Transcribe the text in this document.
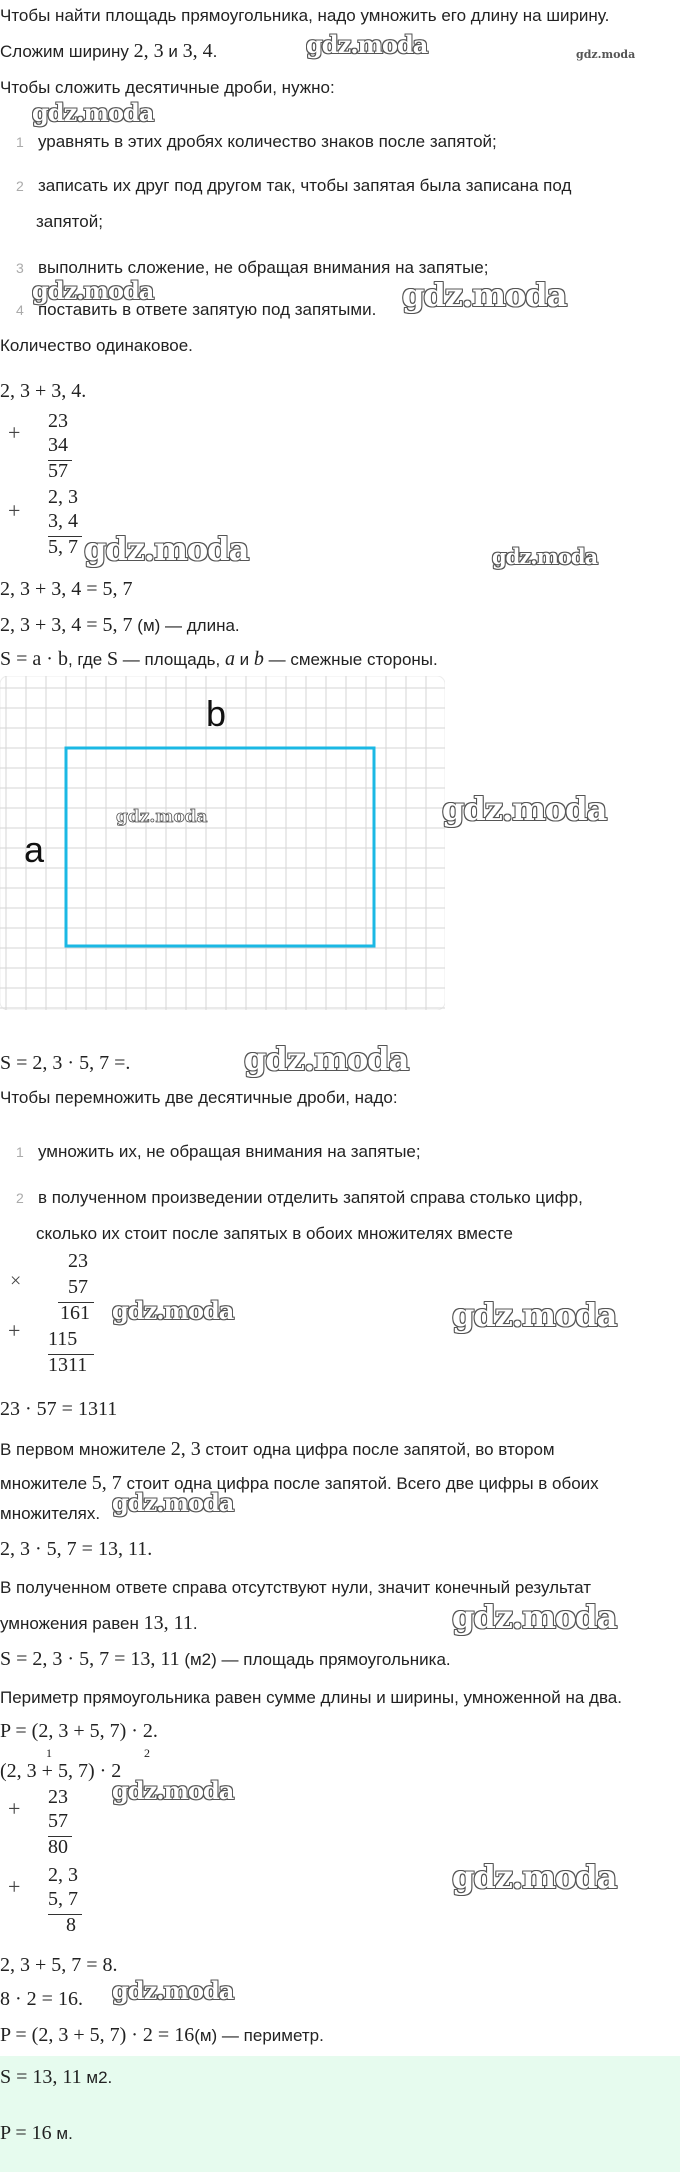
Чтобы найти площадь прямоугольника, надо умножить его длину на ширину.
Сложим ширину 2, 3 и 3, 4.	gdz.moda	gdz.moda
Чтобы сложить десятичные дроби, нужно:
gdz.moda
1 уравнять в этих дробях количество знаков после запятой;
2 записать их друг под другом так, чтобы запятая была записана под
запятой;
3 выполнить сложение, не обращая внимания на запятые;
gdz.moda
4 поставить в ответе запятую под запятыми. gdz.moda
Количество одинаковое.
2, 3 + 3, 4.
+ 23
34
57
+
2, 3
3, 4
5, 7 gdz.moda	gdz.moda
2, 3 + 3, 4 = 5, 7
2, 3 + 3, 4 = 5, 7 (м) — длина.
S = a · b, где S — площадь, a и b — смежные стороны.
b
a
gdz.moda	gdz.moda
S = 2, 3 · 5, 7 =.	gdz.moda
Чтобы перемножить две десятичные дроби, надо:
1 умножить их, не обращая внимания на запятые;
2 в полученном произведении отделить запятой справа столько цифр,
сколько их стоит после запятых в обоих множителях вместе
×
23
57
161
+ 115
1311
gdz.moda	gdz.moda
23 · 57 = 1311
В первом множителе 2, 3 стоит одна цифра после запятой, во втором
множителе 5, 7 стоит одна цифра после запятой. Всего две цифры в обоих
множителях. gdz.moda
2, 3 · 5, 7 = 13, 11.
В полученном ответе справа отсутствуют нули, значит конечный результат
умножения равен 13, 11.	gdz.moda
S = 2, 3 · 5, 7 = 13, 11 (м2) — площадь прямоугольника.
Периметр прямоугольника равен сумме длины и ширины, умноженной на два.
P = (2, 3 + 5, 7) · 2.
(2, 3 + 5, 7) · 2
1	2
+ 23
57
80
gdz.moda
+ 2, 3
5, 7
8
gdz.moda
2, 3 + 5, 7 = 8.
8 · 2 = 16. gdz.moda
P = (2, 3 + 5, 7) · 2 = 16(м) — периметр.
S = 13, 11 м2.
P = 16 м.
